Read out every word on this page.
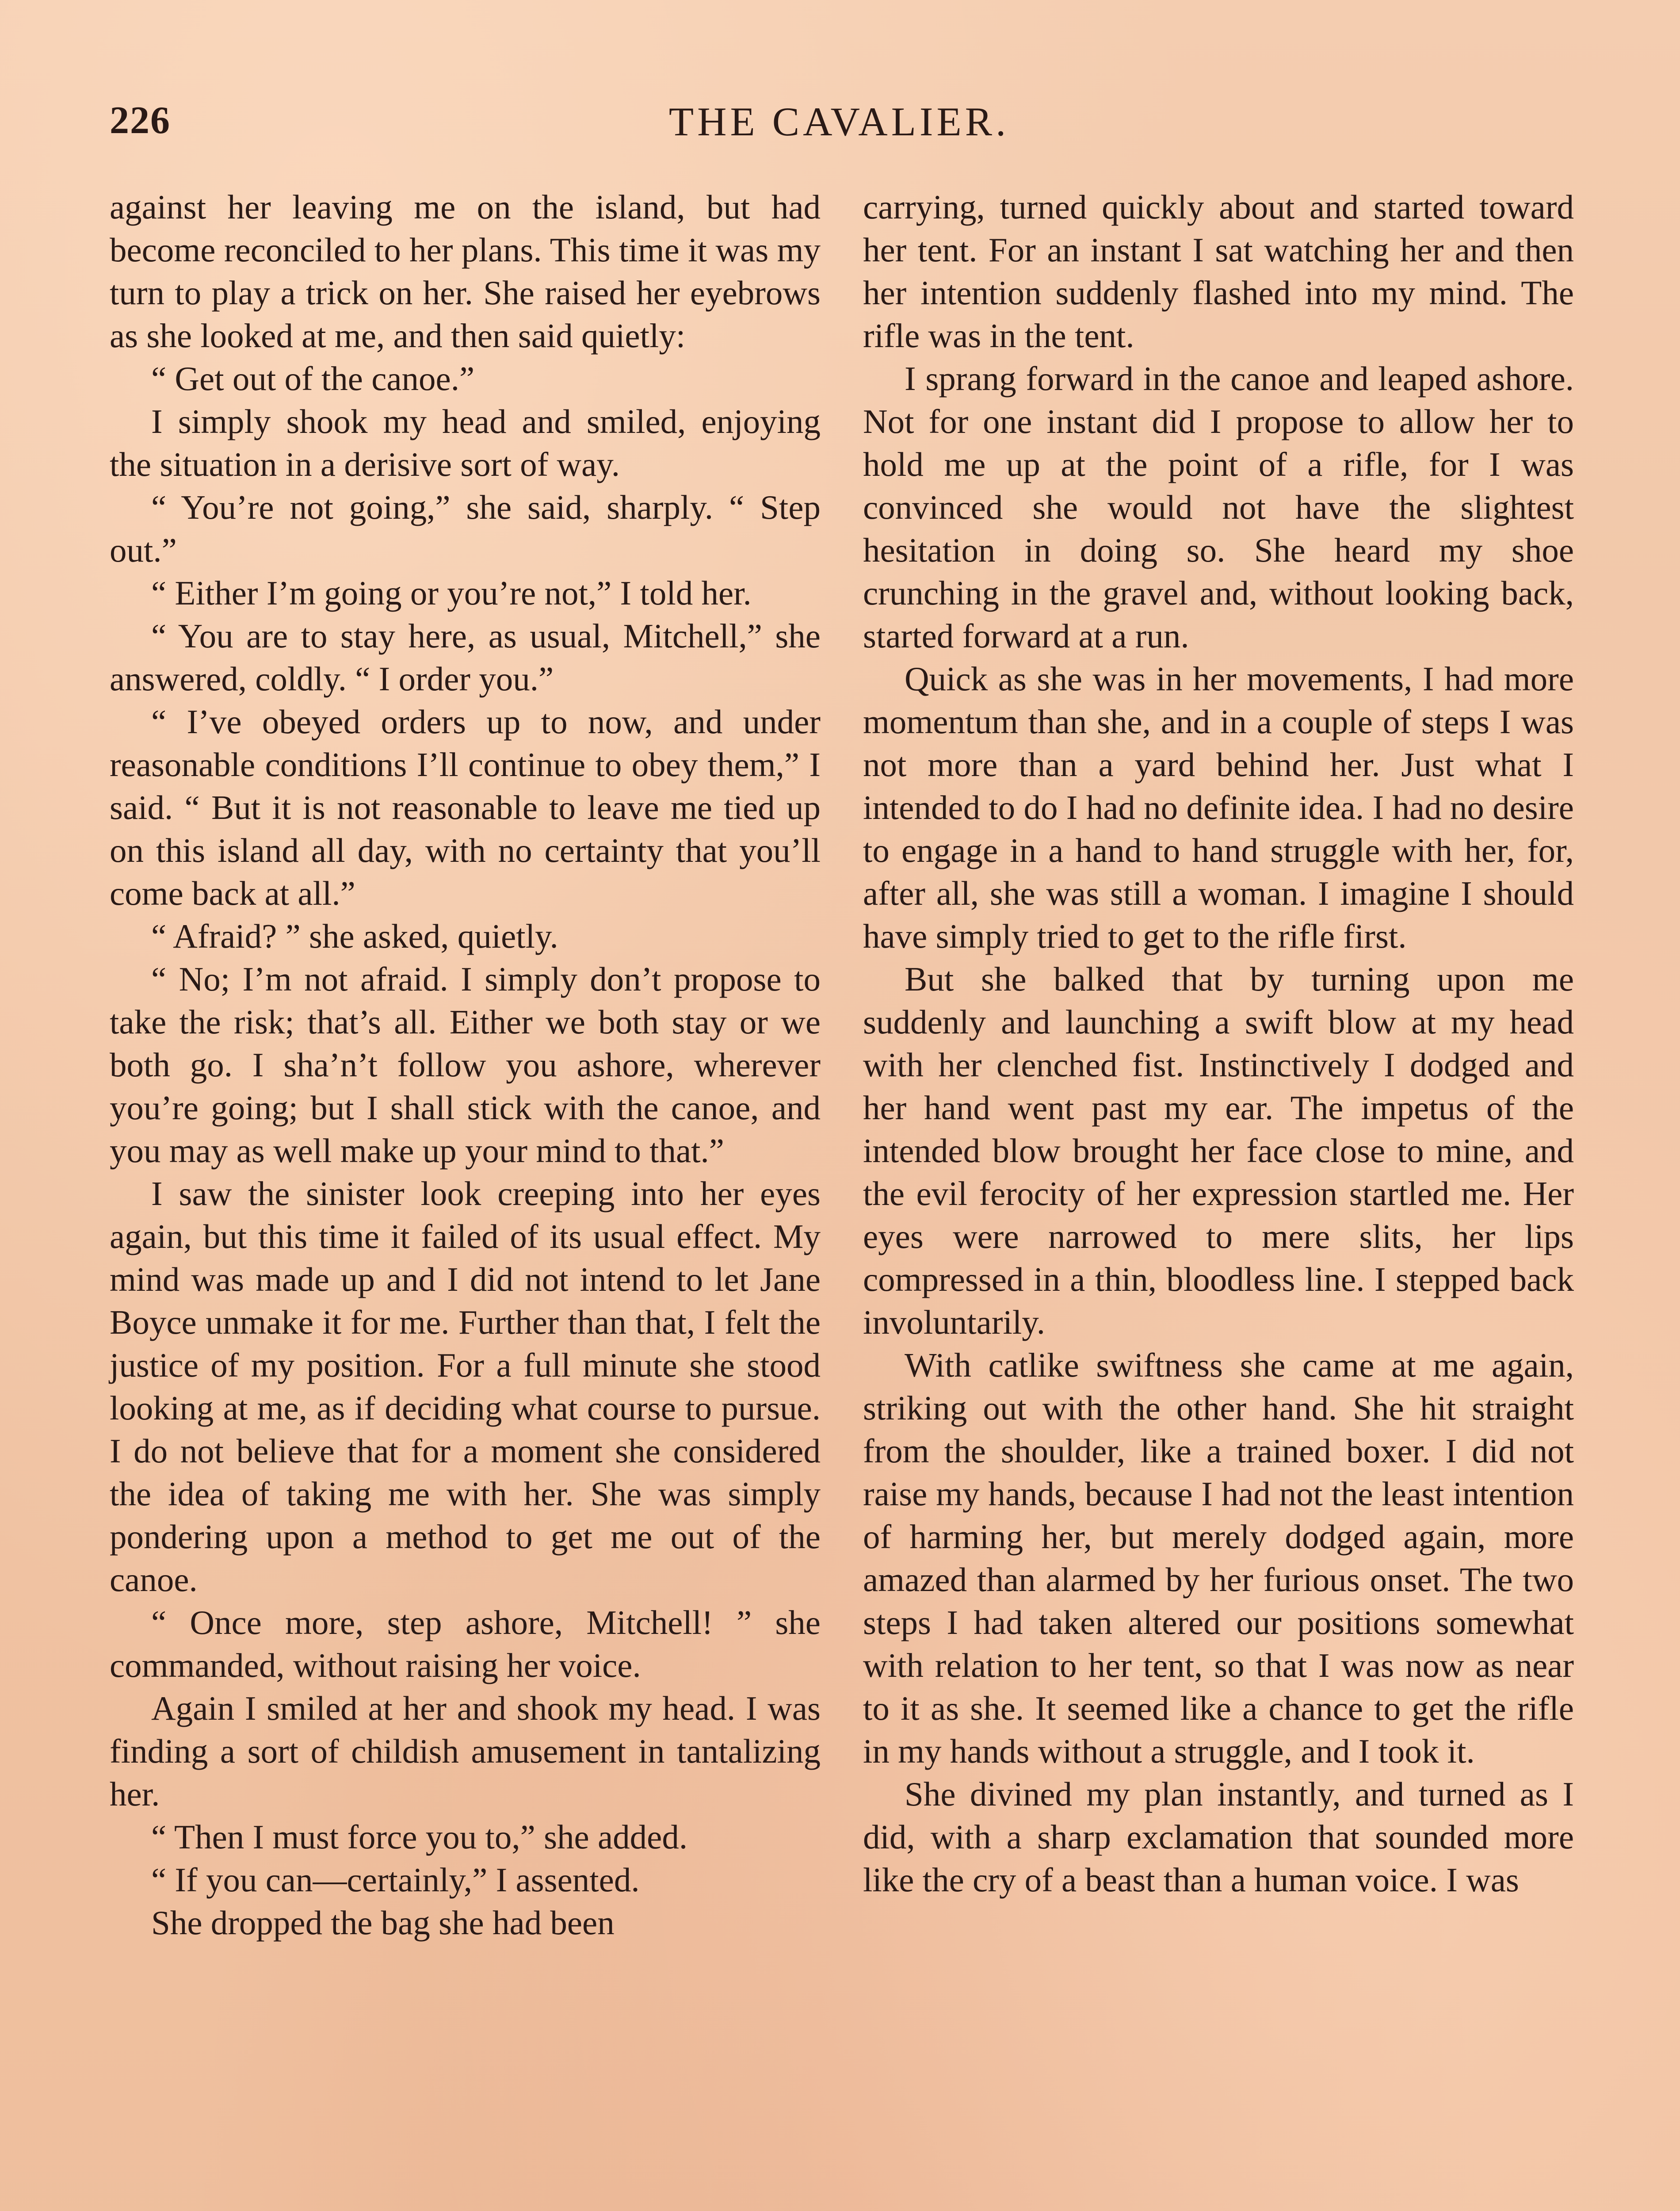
226	THE CAVALIER.

against her leaving me on the island, but had become reconciled to her plans. This time it was my turn to play a trick on her. She raised her eyebrows as she looked at me, and then said quietly:

“ Get out of the canoe.”

I simply shook my head and smiled, enjoying the situation in a derisive sort of way.

“ You’re not going,” she said, sharply. “ Step out.”

“ Either I’m going or you’re not,” I told her.

“ You are to stay here, as usual, Mitchell,” she answered, coldly. “ I order you.”

“ I’ve obeyed orders up to now, and under reasonable conditions I’ll continue to obey them,” I said. “ But it is not reasonable to leave me tied up on this island all day, with no certainty that you’ll come back at all.”

“ Afraid? ” she asked, quietly.

“ No; I’m not afraid. I simply don’t propose to take the risk; that’s all. Either we both stay or we both go. I sha’n’t follow you ashore, wherever you’re going; but I shall stick with the canoe, and you may as well make up your mind to that.”

I saw the sinister look creeping into her eyes again, but this time it failed of its usual effect. My mind was made up and I did not intend to let Jane Boyce unmake it for me. Further than that, I felt the justice of my position. For a full minute she stood looking at me, as if deciding what course to pursue. I do not believe that for a moment she considered the idea of taking me with her. She was simply pondering upon a method to get me out of the canoe.

“ Once more, step ashore, Mitchell! ” she commanded, without raising her voice.

Again I smiled at her and shook my head. I was finding a sort of childish amusement in tantalizing her.

“ Then I must force you to,” she added.

“ If you can—certainly,” I assented.

She dropped the bag she had been

carrying, turned quickly about and started toward her tent. For an instant I sat watching her and then her intention suddenly flashed into my mind. The rifle was in the tent.

I sprang forward in the canoe and leaped ashore. Not for one instant did I propose to allow her to hold me up at the point of a rifle, for I was convinced she would not have the slightest hesitation in doing so. She heard my shoe crunching in the gravel and, without looking back, started forward at a run.

Quick as she was in her movements, I had more momentum than she, and in a couple of steps I was not more than a yard behind her. Just what I intended to do I had no definite idea. I had no desire to engage in a hand to hand struggle with her, for, after all, she was still a woman. I imagine I should have simply tried to get to the rifle first.

But she balked that by turning upon me suddenly and launching a swift blow at my head with her clenched fist. Instinctively I dodged and her hand went past my ear. The impetus of the intended blow brought her face close to mine, and the evil ferocity of her expression startled me. Her eyes were narrowed to mere slits, her lips compressed in a thin, bloodless line. I stepped back involuntarily.

With catlike swiftness she came at me again, striking out with the other hand. She hit straight from the shoulder, like a trained boxer. I did not raise my hands, because I had not the least intention of harming her, but merely dodged again, more amazed than alarmed by her furious onset. The two steps I had taken altered our positions somewhat with relation to her tent, so that I was now as near to it as she. It seemed like a chance to get the rifle in my hands without a struggle, and I took it.

She divined my plan instantly, and turned as I did, with a sharp exclamation that sounded more like the cry of a beast than a human voice. I was
